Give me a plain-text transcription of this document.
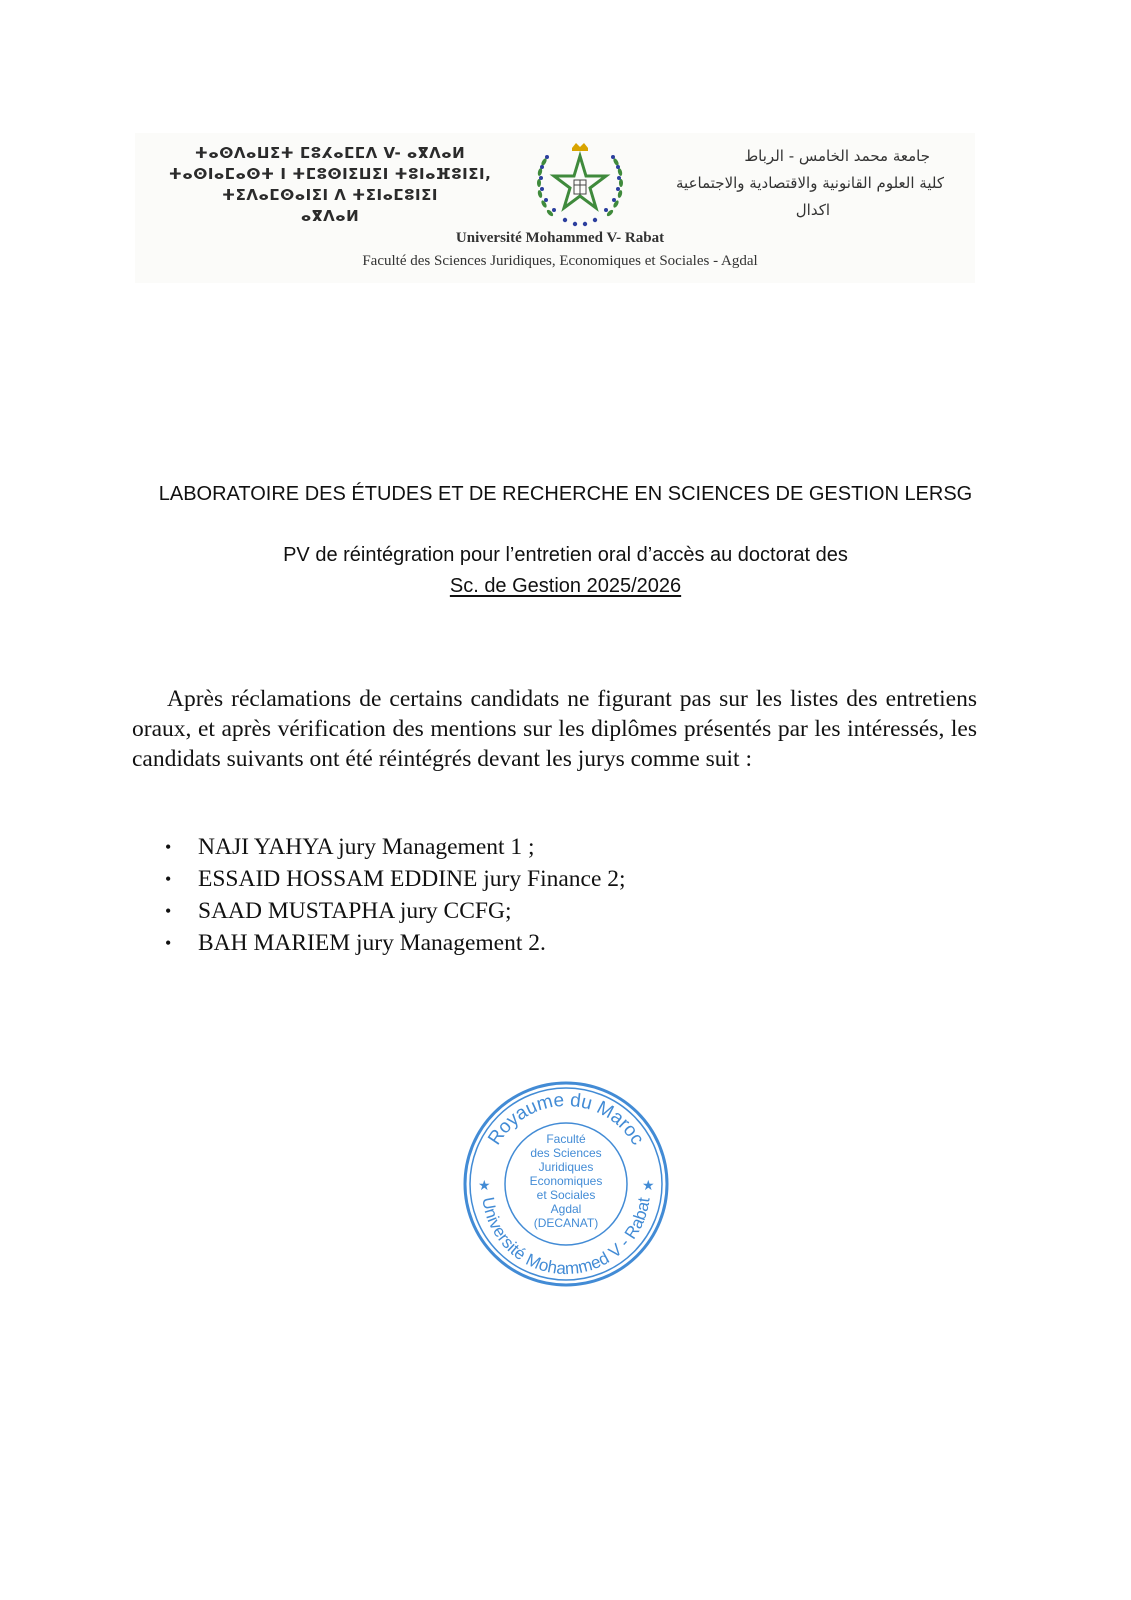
ⵜⴰⵙⴷⴰⵡⵉⵜ ⵎⵓⵃⴰⵎⵎⴷ V- ⴰⴳⴷⴰⵍ
ⵜⴰⵙⵏⴰⵎⴰⵙⵜ ⵏ ⵜⵎⵓⵙⵏⵉⵡⵉⵏ ⵜⵓⵏⴰⴼⵓⵏⵉⵏ,
ⵜⵉⴷⴰⵎⵙⴰⵏⵉⵏ ⴷ ⵜⵉⵏⴰⵎⵓⵏⵉⵏ
ⴰⴳⴷⴰⵍ
جامعة محمد الخامس - الرباط
كلية العلوم القانونية والاقتصادية والاجتماعية
اكدال
Université Mohammed V- Rabat
Faculté des Sciences Juridiques, Economiques et Sociales - Agdal
LABORATOIRE DES ÉTUDES ET DE RECHERCHE EN SCIENCES DE GESTION LERSG
PV de réintégration pour l’entretien oral d’accès au doctorat des
Sc. de Gestion 2025/2026

Après réclamations de certains candidats ne figurant pas sur les listes des entretiens oraux, et après vérification des mentions sur les diplômes présentés par les intéressés, les candidats suivants ont été réintégrés devant les jurys comme suit :

• NAJI YAHYA jury Management 1 ;
• ESSAID HOSSAM EDDINE jury Finance 2;
• SAAD MUSTAPHA jury CCFG;
• BAH MARIEM jury Management 2.
Royaume du Maroc
Université Mohammed V - Rabat
★	★
Faculté
des Sciences
Juridiques
Economiques
et Sociales
Agdal
(DECANAT)
